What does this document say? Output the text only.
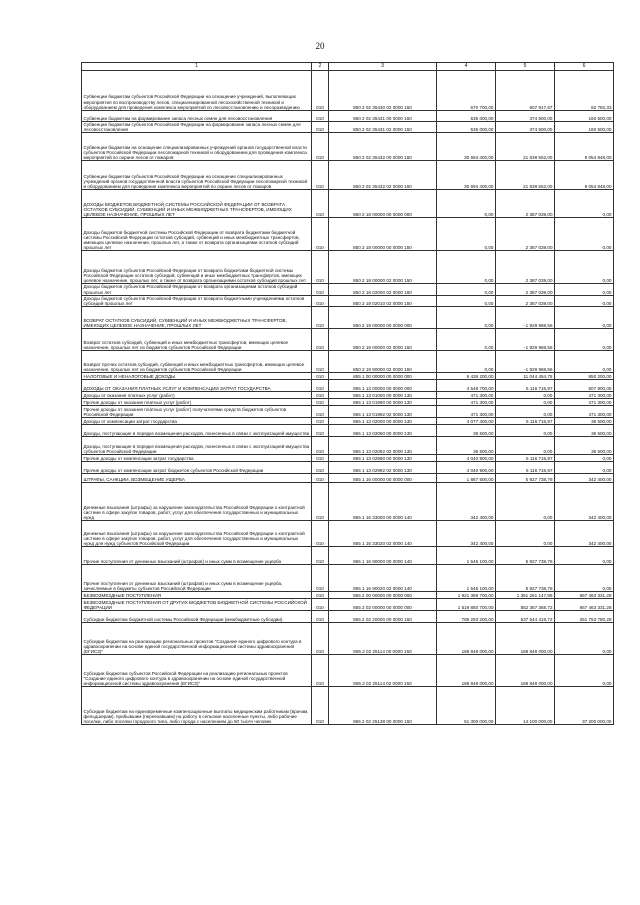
20
1	2	3	4	5	6
Субвенции бюджетам субъектов Российской Федерации на оснащение учреждений, выполняющих мероприятия по воспроизводству лесов, специализированной лесохозяйственной техникой и оборудованием для проведения комплекса мероприятий по лесовосстановлению и лесоразведению	010	850 2 02 35430 02 0000 150	670 700,00	607 917,67	62 782,33
Субвенции бюджетам на формирование запаса лесных семян для лесовосстановления	010	850 2 02 35431 00 0000 150	535 000,00	374 500,00	160 500,00
Субвенции бюджетам субъектов Российской Федерации на формирование запаса лесных семян для лесовосстановления	010	850 2 02 35431 02 0000 150	535 000,00	374 500,00	160 500,00
Субвенции бюджетам на оснащение специализированных учреждений органов государственной власти субъектов Российской Федерации лесопожарной техникой и оборудованием для проведения комплекса мероприятий по охране лесов от пожаров	010	850 2 02 35432 00 0000 150	30 694 400,00	21 639 552,00	9 054 848,00
Субвенции бюджетам субъектов Российской Федерации на оснащение специализированных учреждений органов государственной власти субъектов Российской Федерации лесопожарной техникой и оборудованием для проведения комплекса мероприятий по охране лесов от пожаров	010	850 2 02 35432 02 0000 150	30 694 400,00	21 639 552,00	9 054 848,00
ДОХОДЫ БЮДЖЕТОВ БЮДЖЕТНОЙ СИСТЕМЫ РОССИЙСКОЙ ФЕДЕРАЦИИ ОТ ВОЗВРАТА ОСТАТКОВ СУБСИДИЙ, СУБВЕНЦИЙ И ИНЫХ МЕЖБЮДЖЕТНЫХ ТРАНСФЕРТОВ, ИМЕЮЩИХ ЦЕЛЕВОЕ НАЗНАЧЕНИЕ, ПРОШЛЫХ ЛЕТ	010	850 2 18 00000 00 0000 000	0,00	2 387 039,00	0,00
Доходы бюджетов бюджетной системы Российской Федерации от возврата бюджетами бюджетной системы Российской Федерации остатков субсидий, субвенций и иных межбюджетных трансфертов, имеющих целевое назначение, прошлых лет, а также от возврата организациями остатков субсидий прошлых лет	010	850 2 18 00000 00 0000 150	0,00	2 387 039,00	0,00
Доходы бюджетов субъектов Российской Федерации от возврата бюджетами бюджетной системы Российской Федерации остатков субсидий, субвенций и иных межбюджетных трансфертов, имеющих целевое назначение, прошлых лет, а также от возврата организациями остатков субсидий прошлых лет	010	850 2 18 00000 02 0000 150	0,00	2 387 039,00	0,00
Доходы бюджетов субъектов Российской Федерации от возврата организациями остатков субсидий прошлых лет	010	850 2 18 02000 02 0000 150	0,00	2 387 039,00	0,00
Доходы бюджетов субъектов Российской Федерации от возврата бюджетными учреждениями остатков субсидий прошлых лет	010	850 2 18 02010 02 0000 150	0,00	2 387 039,00	0,00
ВОЗВРАТ ОСТАТКОВ СУБСИДИЙ, СУБВЕНЦИЙ И ИНЫХ МЕЖБЮДЖЕТНЫХ ТРАНСФЕРТОВ, ИМЕЮЩИХ ЦЕЛЕВОЕ НАЗНАЧЕНИЕ, ПРОШЛЫХ ЛЕТ	010	850 2 19 00000 00 0000 000	0,00	-1 929 968,56	0,00
Возврат остатков субсидий, субвенций и иных межбюджетных трансфертов, имеющих целевое назначение, прошлых лет из бюджетов субъектов Российской Федерации	010	850 2 19 00000 02 0000 150	0,00	-1 929 968,56	0,00
Возврат прочих остатков субсидий, субвенций и иных межбюджетных трансфертов, имеющих целевое назначение, прошлых лет из бюджетов субъектов Российской Федерации	010	850 2 19 90000 02 0000 150	0,00	-1 929 968,56	0,00
НАЛОГОВЫЕ И НЕНАЛОГОВЫЕ ДОХОДЫ	010	855 1 00 00000 00 0000 000	6 436 200,00	11 044 454,75	850 200,00
ДОХОДЫ ОТ ОКАЗАНИЯ ПЛАТНЫХ УСЛУГ И КОМПЕНСАЦИИ ЗАТРАТ ГОСУДАРСТВА	010	855 1 13 00000 00 0000 000	4 548 700,00	5 116 715,97	507 800,00
Доходы от оказания платных услуг (работ)	010	855 1 13 01000 00 0000 130	471 300,00	0,00	471 300,00
Прочие доходы от оказания платных услуг (работ)	010	855 1 13 01990 00 0000 130	471 300,00	0,00	471 300,00
Прочие доходы от оказания платных услуг (работ) получателями средств бюджетов субъектов Российской Федерации	010	855 1 13 01992 02 0000 130	471 300,00	0,00	471 300,00
Доходы от компенсации затрат государства	010	855 1 13 02000 00 0000 130	4 077 400,00	5 116 715,97	36 500,00
Доходы, поступающие в порядке возмещения расходов, понесенных в связи с эксплуатацией имущества	010	855 1 13 02060 00 0000 130	36 500,00	0,00	36 500,00
Доходы, поступающие в порядке возмещения расходов, понесенных в связи с эксплуатацией имущества субъектов Российской Федерации	010	855 1 13 02062 02 0000 130	36 500,00	0,00	36 500,00
Прочие доходы от компенсации затрат государства	010	855 1 13 02990 00 0000 130	4 040 900,00	5 116 715,97	0,00
Прочие доходы от компенсации затрат бюджетов субъектов Российской Федерации	010	855 1 13 02992 02 0000 130	4 040 900,00	5 116 715,97	0,00
ШТРАФЫ, САНКЦИИ, ВОЗМЕЩЕНИЕ УЩЕРБА	010	855 1 16 00000 00 0000 000	1 887 500,00	5 927 738,78	342 400,00
Денежные взыскания (штрафы) за нарушение законодательства Российской Федерации о контрактной системе в сфере закупок товаров, работ, услуг для обеспечения государственных и муниципальных нужд	010	855 1 16 33000 00 0000 140	342 400,00	0,00	342 400,00
Денежные взыскания (штрафы) за нарушение законодательства Российской Федерации о контрактной системе в сфере закупок товаров, работ, услуг для обеспечения государственных и муниципальных нужд для нужд субъектов Российской Федерации	010	855 1 16 33020 02 0000 140	342 400,00	0,00	342 400,00
Прочие поступления от денежных взысканий (штрафов) и иных сумм в возмещение ущерба	010	855 1 16 90000 00 0000 140	1 545 100,00	5 927 738,78	0,00
Прочие поступления от денежных взысканий (штрафов) и иных сумм в возмещение ущерба, зачисляемые в бюджеты субъектов Российской Федерации	010	855 1 16 90020 02 0000 140	1 545 100,00	5 927 738,78	0,00
БЕЗВОЗМЕЗДНЫЕ ПОСТУПЛЕНИЯ	010	855 2 00 00000 00 0000 000	1 921 369 700,00	1 351 261 147,86	667 463 331,28
БЕЗВОЗМЕЗДНЫЕ ПОСТУПЛЕНИЯ ОТ ДРУГИХ БЮДЖЕТОВ БЮДЖЕТНОЙ СИСТЕМЫ РОССИЙСКОЙ ФЕДЕРАЦИИ	010	855 2 02 00000 00 0000 000	1 519 850 700,00	852 367 368,72	667 463 331,28
Субсидии бюджетам бюджетной системы Российской Федерации (межбюджетные субсидии)	010	855 2 02 20000 00 0000 150	789 293 200,00	537 544 419,72	251 753 780,28
Субсидии бюджетам на реализацию региональных проектов "Создание единого цифрового контура в здравоохранении на основе единой государственной информационной системы здравоохранения (ЕГИСЗ)"	010	855 2 02 25114 00 0000 150	188 848 000,00	188 848 000,00	0,00
Субсидии бюджетам субъектов Российской Федерации на реализацию региональных проектов "Создание единого цифрового контура в здравоохранении на основе единой государственной информационной системы здравоохранения (ЕГИСЗ)"	010	855 2 02 25114 02 0000 150	188 848 000,00	188 848 000,00	0,00
Субсидии бюджетам на единовременные компенсационные выплаты медицинским работникам (врачам, фельдшерам), прибывшим (переехавшим) на работу в сельские населенные пункты, либо рабочие поселки, либо поселки городского типа, либо города с населением до 50 тысяч человек	010	855 2 02 25138 00 0000 150	51 300 000,00	14 100 000,00	37 200 000,00
